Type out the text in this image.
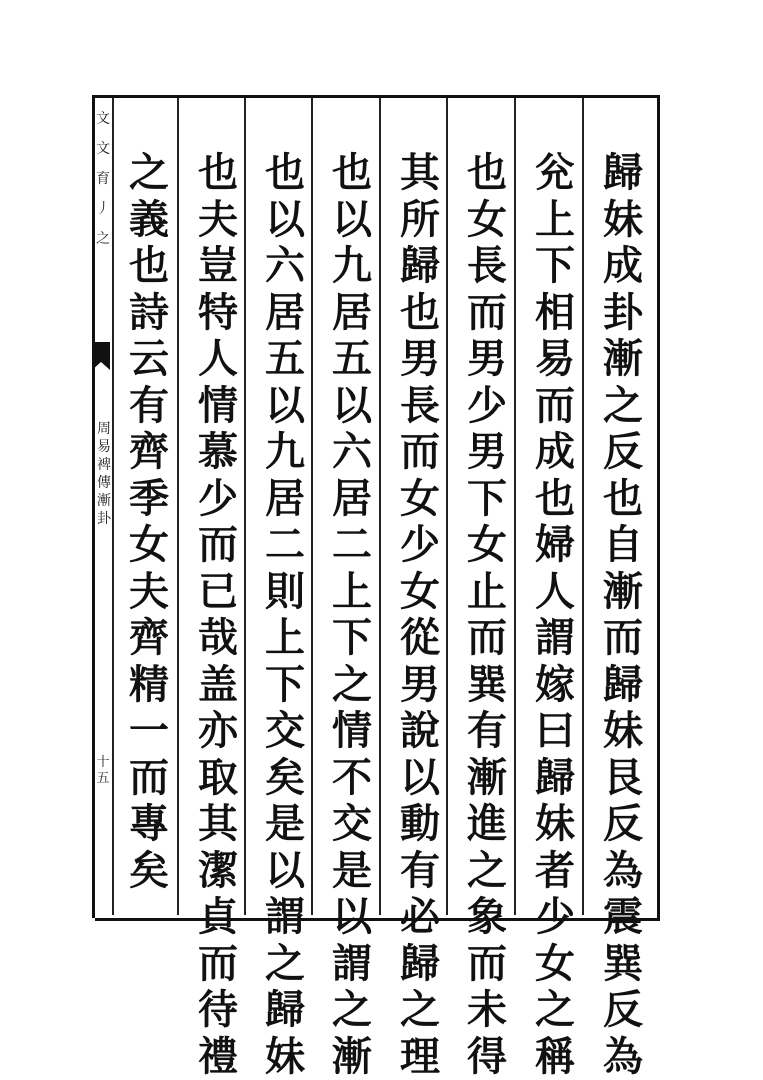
歸
妹
成
卦
漸
之
反
也
自
漸
而
歸
妹
艮
反
為
震
巽
反
為
兊
上
下
相
易
而
成
也
婦
人
謂
嫁
曰
歸
妹
者
少
女
之
稱
也
女
長
而
男
少
男
下
女
止
而
巽
有
漸
進
之
象
而
未
得
其
所
歸
也
男
長
而
女
少
女
從
男
說
以
動
有
必
歸
之
理
也
以
九
居
五
以
六
居
二
上
下
之
情
不
交
是
以
謂
之
漸
也
以
六
居
五
以
九
居
二
則
上
下
交
矣
是
以
謂
之
歸
妹
也
夫
豈
特
人
情
慕
少
而
已
哉
盖
亦
取
其
潔
貞
而
待
禮
之
義
也
詩
云
有
齊
季
女
夫
齊
精
一
而
專
矣
文
文
育
丿
之
周
易
裨
傳
漸
卦
十
五
